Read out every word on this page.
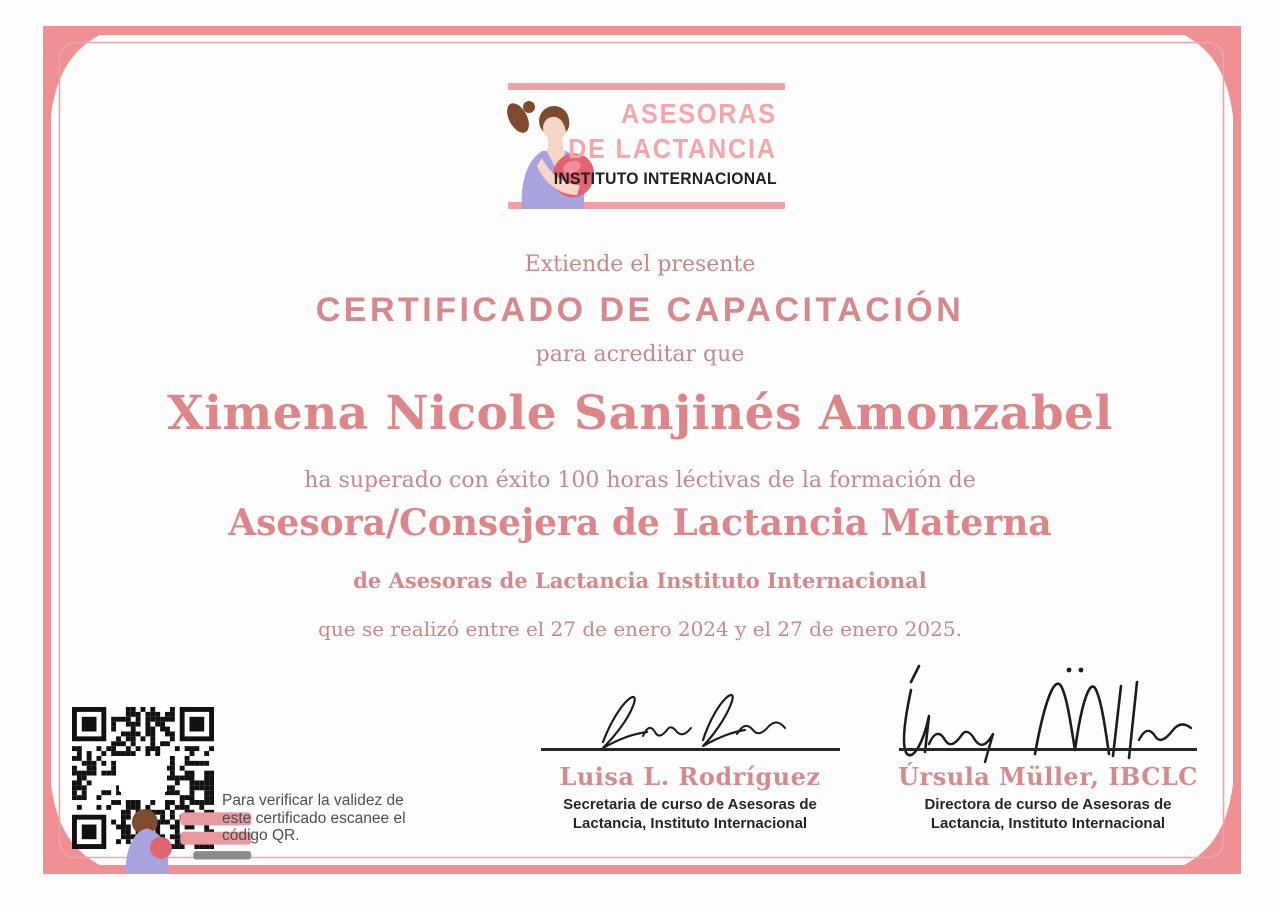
ASESORAS
DE LACTANCIA
INSTITUTO INTERNACIONAL
Extiende el presente
CERTIFICADO DE CAPACITACIÓN
para acreditar que
Ximena Nicole Sanjinés Amonzabel
ha superado con éxito 100 horas léctivas de la formación de
Asesora/Consejera de Lactancia Materna
de Asesoras de Lactancia Instituto Internacional
que se realizó entre el 27 de enero 2024 y el 27 de enero 2025.
Luisa L. Rodríguez
Secretaria de curso de Asesoras de
Lactancia, Instituto Internacional
Úrsula Müller, IBCLC
Directora de curso de Asesoras de
Lactancia, Instituto Internacional
Para verificar la validez de
este certificado escanee el
código QR.
